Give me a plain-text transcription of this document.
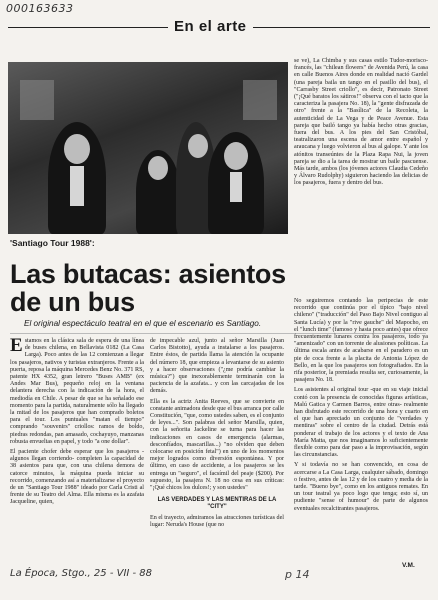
000163633
En el arte
'Santiago Tour 1988':
Las butacas: asientos de un bus
El original espectáculo teatral en el que el escenario es Santiago.

Estamos en la clásica sala de espera de una línea de buses chilena, en Bellavista 0182 (La Casa Larga). Poco antes de las 12 comienzan a llegar los pasajeros, nativos y turistas extranjeros. Frente a la puerta, reposa la máquina Mercedes Benz No. 371 RS, patente HX 4352, gran letrero "Buses AMB" (ex Andes Mar Bus), pequeño reloj en la ventana delantera derecha con la indicación de la hora, el mediodía en Chile. A pesar de que se ha señalado ese momento para la partida, naturalmente sólo ha llegado la mitad de los pasajeros que han comprado boletos para el tour. Los puntuales "matan el tiempo" comprando "souvenirs" criollos: ramos de boldo, piedras redondas, pan amasado, cochayuyo, manzanas robusta envueltas en papel, y todo "a one dollar".

El paciente chofer debe esperar que los pasajeros -algunos llegan corriendo- completen la capacidad de 38 asientos para que, con una chilena demora de catorce minutos, la máquina pueda iniciar su recorrido, comenzando así a materializarse el proyecto de un "Santiago Tour 1988" ideado por Carla Cristi al frente de su Teatro del Alma. Ella misma es la azafata Jacqueline, quien,

de impecable azul, junto al señor Marsilla (Juan Carlos Bistotto), ayuda a instalarse a los pasajeros. Entre éstos, de partida llama la atención la ocupante del número 18, que empieza a levantarse de su asiento y a hacer observaciones ("¿me podría cambiar la música?") que inexorablemente terminarán con la paciencia de la azafata... y con las carcajadas de los demás.

Ella es la actriz Anita Reeves, que se convierte en constante animadora desde que el bus arranca por calle Constitución, "que, como ustedes saben, es el conjunto de leyes...". Son palabras del señor Marsilla, quien, con la señorita Jackeline se turna para hacer las indicaciones en casos de emergencia (alarmas, desconfíados, mascarillas...) "no olviden que deben colocarse en posición fetal") en uno de los momentos mejor logrados como diversión espontánea. Y por último, en caso de accidente, a los pasajeros se les entrega un "seguro", el facsímil del peaje ($200). Por supuesto, la pasajera N. 18 no cesa en sus críticas: "¡Qué chicos los dulces!; y son ustedes"

LAS VERDADES Y LAS MENTIRAS DE LA "CITY"

En el trayecto, admiramos las atracciones turísticas del lugar: Neruda's House (que no

se ve), La Chimba y sus casas estilo Tudor-morisco-francés, las "chilean flowers" de Avenida Perú, la casa en calle Buenos Aires donde en realidad nació Gardel (una pareja baila un tango en el pasillo del bus), el "Carrasby Street criollo", es decir, Patronato Street ("¡Qué baratos los sátiros!" observa con el tacto que la caracteriza la pasajera No. 18), la "gente disfrazada de otro" frente a la "Basílica" de la Recoleta, la autenticidad de La Vega y de Peace Avenue. Esta pareja que bailó tango ya había hecho otras gracias, fuera del bus. A los pies del San Cristóbal, teatralizaron una escena de amor entre español y araucana y luego volvieron al bus al galope. Y ante los atónitos transeúntes de la Plaza Rapa Nui, la joven pareja se dio a la tarea de mostrar un baile pascuense. Más tarde, ambos (los jóvenes actores Claudia Cedeño y Álvaro Rudolphy) siguieron haciendo las delicias de los pasajeros, fuera y dentro del bus.

No seguiremos contando las peripecias de este recorrido que continúa por el típico "bajo nivel chileno" ("traducción" del Paso Bajo Nivel contiguo al Santa Lucía) y por la "rive gauche" del Mapocho, en el "lunch time" (famoso y hasta poco antes) que ofrece frecuentemente lunares contra los pasajeros, todo ya "amenizado" con un torrente de alusiones políticas. La última escala antes de acabarse en el paradero es un pie de coca frente a la placita de Antonia López de Bello, en la que los pasajeros son fotografiados. En la rifa posterior, la premiada resulta ser, curiosamente, la pasajera No. 18.

Los asistentes al original tour -que en su viaje inicial contó con la presencia de conocidas figuras artísticas, Malú Gatica y Carmen Barros, entre otras- realmente han disfrutado este recorrido de una hora y cuarto en el que han apreciado un conjunto de "verdades y mentiras" sobre el centro de la ciudad. Detrás está ponderar el trabajo de los actores y el texto de Ana María Matta, que nos imaginamos lo suficientemente flexible como para dar paso a la improvisación, según las circunstancias.

Y si todavía no se han convencido, en cosa de acercarse a La Casa Larga, cualquier sábado, domingo o festivo, antes de las 12 y de los cuatro y media de la tarde. "Bueno bye", como en los antiguos remates. En un tour teatral ya poco logo que tenga; esto sí, un pudiente "sense of humour" de parte de algunos eventuales recalcitrantes pasajeros.

V.M.
La Época, Stgo., 25 - VII - 88	p 14
